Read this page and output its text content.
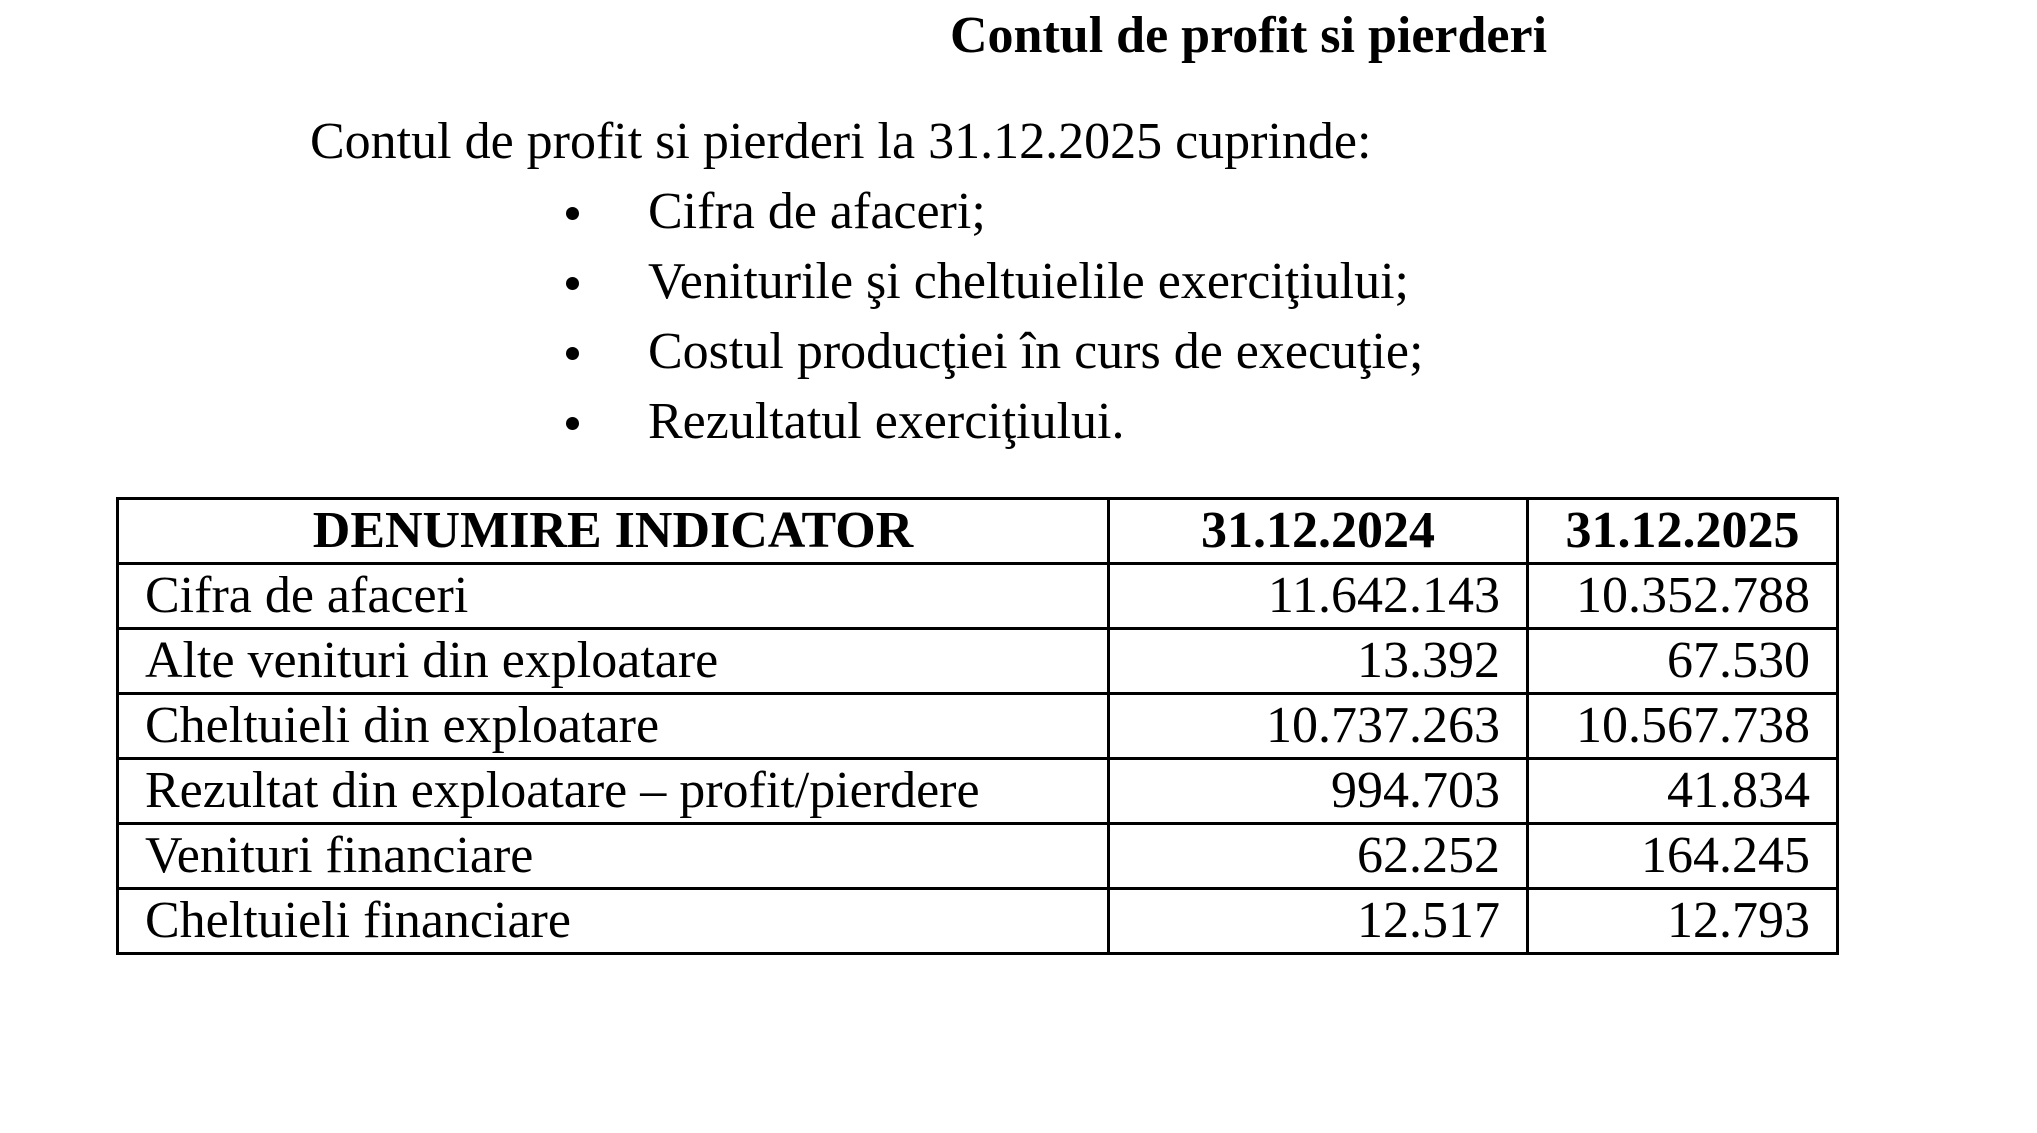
Contul de profit si pierderi
Contul de profit si pierderi la 31.12.2025 cuprinde:
Cifra de afaceri;
Veniturile şi cheltuielile exerciţiului;
Costul producţiei în curs de execuţie;
Rezultatul exerciţiului.
DENUMIRE INDICATOR	31.12.2024	31.12.2025
Cifra de afaceri	11.642.143	10.352.788
Alte venituri din exploatare	13.392	67.530
Cheltuieli din exploatare	10.737.263	10.567.738
Rezultat din exploatare – profit/pierdere	994.703	41.834
Venituri financiare	62.252	164.245
Cheltuieli financiare	12.517	12.793
